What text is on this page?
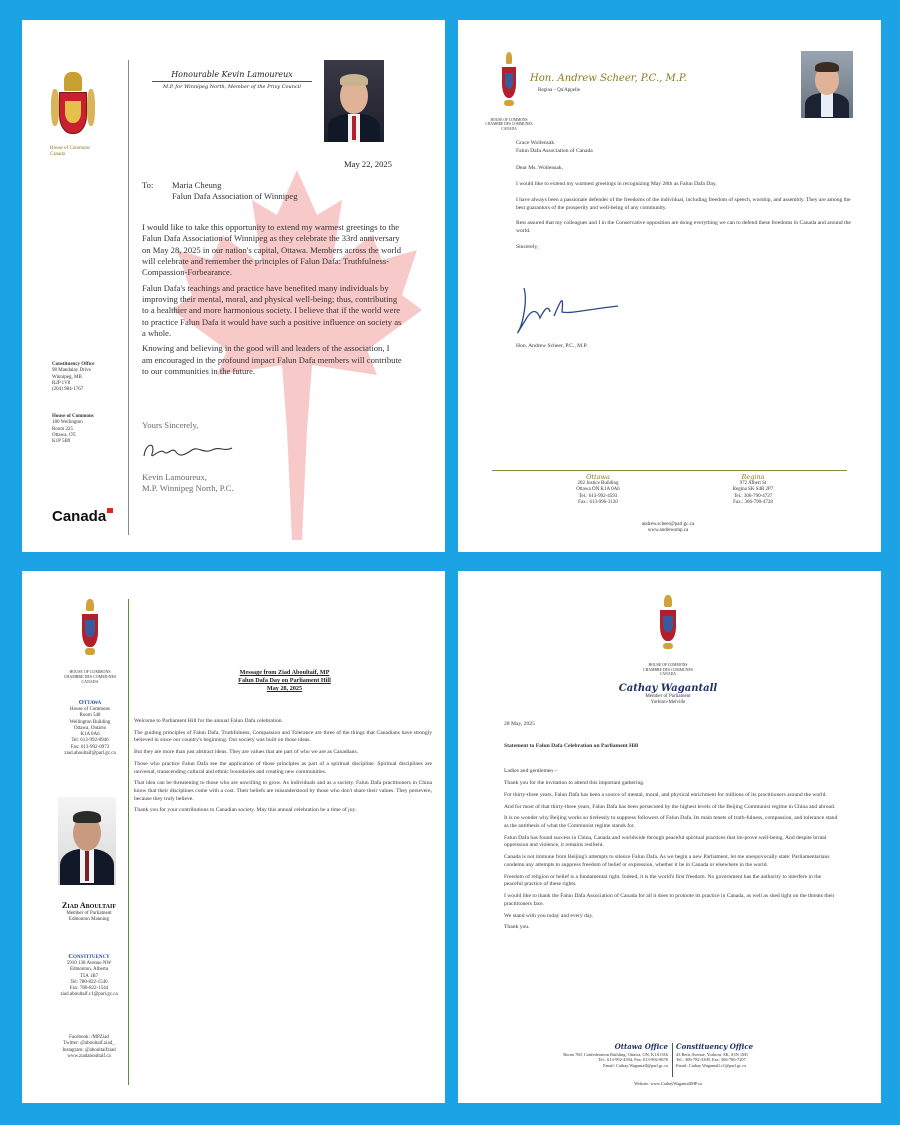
House of Commons
Canada
Honourable Kevin Lamoureux
M.P. for Winnipeg North, Member of the Privy Council
May 22, 2025
To:	Maria Cheung
Falun Dafa Association of Winnipeg

I would like to take this opportunity to extend my warmest greetings to the Falun Dafa Association of Winnipeg as they celebrate the 33rd anniversary on May 28, 2025 in our nation's capital, Ottawa. Members across the world will celebrate and remember the principles of Falun Dafa: Truthfulness-Compassion-Forbearance.

Falun Dafa's teachings and practice have benefited many individuals by improving their mental, moral, and physical well-being; thus, contributing to a healthier and more harmonious society. I believe that if the world were to practice Falun Dafa it would have such a positive influence on society as a whole.

Knowing and believing in the good will and leaders of the association, I am encouraged in the profound impact Falun Dafa members will contribute to our communities in the future.

Yours Sincerely,
Kevin Lamoureux,
M.P. Winnipeg North, P.C.
Constituency Office
98 Mandalay Drive
Winnipeg, MB
R2P 1V8
(204) 984-1767
House of Commons
180 Wellington
Room 225
Ottawa, OT.
K1P 5B9
Canada
HOUSE OF COMMONS
CHAMBRE DES COMMUNES
CANADA
Hon. Andrew Scheer, P.C., M.P.
Regina – Qu'Appelle
Grace Wollensak
Falun Dafa Association of Canada

Dear Ms. Wollensak,

I would like to extend my warmest greetings in recognizing May 28th as Falun Dafa Day.

I have always been a passionate defender of the freedoms of the individual, including freedom of speech, worship, and assembly. They are among the best guarantors of the prosperity and well-being of any community.

Rest assured that my colleagues and I in the Conservative opposition are doing everything we can to defend these freedoms in Canada and around the world.

Sincerely,

Hon. Andrew Scheer, P.C., M.P.
Ottawa
202 Justice Building
Ottawa ON K1A 0A6
Tel.: 613-992-4593
Fax.: 613-996-3120
Regina
972 Albert St
Regina SK S4R 2P7
Tel.: 306-790-4737
Fax.: 306-790-4728
andrew.scheer@parl.gc.ca
www.andrewsmp.ca
HOUSE OF COMMONS
CHAMBRE DES COMMUNES
CANADA
Ottawa
House of Commons
Room 548
Wellington Building
Ottawa, Ontario
K1A 0A6
Tel: 613-992-0946
Fax: 613-992-0973
ziad.aboultaif@parl.gc.ca
Ziad Aboultaif
Member of Parliament
Edmonton Manning
Constituency
5910 138 Avenue NW
Edmonton, Alberta
T5A 1B7
Tel: 780-822-1540
Fax: 780-822-1544
ziad.aboultaif.c1@parl.gc.ca
Facebook: /MPZiad
Twitter: @aboultaif.ziad_
Instagram: @aboultaifziad
www.ziadaboultaif.ca
Message from Ziad Aboultaif, MP
Falun Dafa Day on Parliament Hill
May 28, 2025

Welcome to Parliament Hill for the annual Falun Dafa celebration.

The guiding principles of Falun Dafa, Truthfulness, Compassion and Tolerance are three of the things that Canadians have strongly believed in since our country's beginning. Our society was built on those ideas.

But they are more than just abstract ideas. They are values that are part of who we are as Canadians.

Those who practice Falun Dafa see the application of those principles as part of a spiritual discipline. Spiritual disciplines are universal, transcending cultural and ethnic boundaries and creating new communities.

That idea can be threatening to those who are unwilling to grow. As individuals and as a society. Falun Dafa practitioners in China know that their disciplines come with a cost. Their beliefs are misunderstood by those who don't share their values. They persevere, because they truly believe.

Thank you for your contributions to Canadian society. May this annual celebration be a time of joy.

HOUSE OF COMMONS
CHAMBRE DES COMMUNES
CANADA
Cathay Wagantall
Member of Parliament
Yorkton-Melville

28 May, 2025

Statement to Falun Dafa Celebration on Parliament Hill

Ladies and gentlemen –

Thank you for the invitation to attend this important gathering.

For thirty-three years, Falun Dafa has been a source of mental, moral, and physical enrichment for millions of its practitioners around the world.

And for most of that thirty-three years, Falun Dafa has been persecuted by the highest levels of the Beijing Communist regime in China and abroad.

It is no wonder why Beijing works so tirelessly to suppress followers of Falun Dafa. Its main tenets of truth-fulness, compassion, and tolerance stand as the antithesis of what the Communist regime stands for.

Falun Dafa has found success in China, Canada and worldwide through peaceful spiritual practices that im-prove well-being. And despite brutal oppression and violence, it remains resilient.

Canada is not immune from Beijing's attempts to silence Falun Dafa. As we begin a new Parliament, let me unequivocally state: Parliamentarians condemn any attempts to suppress freedom of belief or expression, whether it be in Canada or elsewhere in the world.

Freedom of religion or belief is a fundamental right. Indeed, it is the world's first freedom. No government has the authority to interfere in the peaceful practice of these rights.

I would like to thank the Falun Dafa Association of Canada for all it does to promote its practice in Canada, as well as shed light on the threats their practitioners face.

We stand with you today and every day.

Thank you.

Ottawa Office
Room 760, Confederation Building, Ottawa, ON, K1A 0A6
Tel.: 613-992-4394, Fax: 613-992-8676
Email: Cathay.Wagantall@parl.gc.ca
Constituency Office
43 Betts Avenue, Yorkton, SK, S3N 1M1
Tel.: 306-782-3309, Fax: 306-786-7207
Email: Cathay.Wagantall.c1@parl.gc.ca
Website: www.CathayWagantallMP.ca
